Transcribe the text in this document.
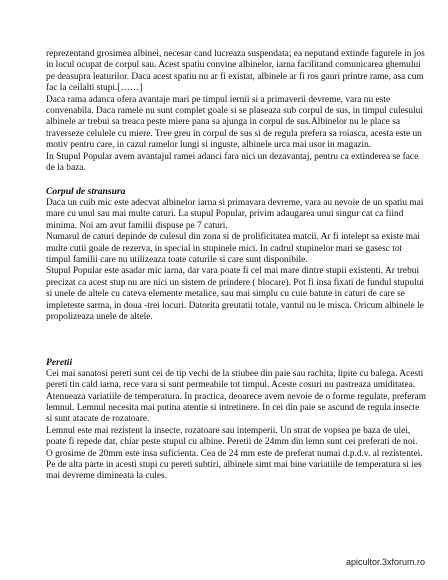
reprezentand grosimea albinei, necesar cand lucreaza suspendata; ea neputand extinde fagurele in jos in locul ocupat de corpul sau. Acest spatiu convine albinelor, iarna facilitand comunicarea ghemului pe deasupra leaturilor. Daca acest spatiu nu ar fi existat, albinele ar fi ros gauri printre rame, asa cum fac la ceilalti stupi.[……]

Daca rama adanca ofera avantaje mari pe timpul iernii si a primaverii devreme, vara nu este convenabila. Daca ramele nu sunt complet goale si se plaseaza sub corpul de sus, in timpul culesului albinele ar trebui sa treaca peste miere pana sa ajunga in corpul de sus.Albinelor nu le place sa traverseze celulele cu miere. Tree greu in corpul de sus si de regula prefera sa roiasca, acesta este un motiv pentru care, in cazul ramelor lungi si inguste, albinele urca mai usor in magazin.

In Stupul Popular avem avantajul ramei adanci fara nici un dezavantaj, pentru ca extinderea se face de la baza.

Corpul de stransura

Daca un cuib mic este adecvat albinelor iarna si primavara devreme, vara au nevoie de un spatiu mai mare cu unul sau mai multe caturi. La stupul Popular, privim adaugarea unui singur cat ca fiind minima. Noi am avut familii dispuse pe 7 caturi.

Numarul de caturi depinde de culesul din zona si de prolificitatea matcii. Ar fi intelept sa existe mai multe cutii goale de rezerva, in special in stupinele mici. In cadrul stupinelor mari se gasesc tot timpul familii care nu utilizeaza toate caturile si care sunt disponibile.

Stupul Popular este asadar mic iarna, dar vara poate fi cel mai mare dintre stupii existenti. Ar trebui precizat ca acest stup nu are nici un sistem de prindere ( blocare). Pot fi insa fixati de fundul stupului si unele de altele cu cateva elemente metalice, sau mai simplu cu cuie batute in caturi de care se impleteste sarma, in doua -trei locuri. Datorita greutatii totale, vantul nu le misca. Oricum albinele le propolizeaza unele de altele.

Peretii

Cei mai sanatosi pereti sunt cei de tip vechi de la stiubee din paie sau rachita, lipite cu balega. Acesti pereti tin cald iarna, rece vara si sunt permeabile tot timpul. Aceste cosuri nu pastreaza umiditatea. Atenueaza variatiile de temperatura. In practica, deoarece avem nevoie de o forme regulate, preferam lemnul. Lemnul necesita mai putina atentie si intretinere. In cei din paie se ascund de regula insecte si sunt atacate de rozatoare.

Lemnul este mai rezistent la insecte, rozatoare sau intemperii. Un strat de vopsea pe baza de ulei, poate fi repede dat, chiar peste stupul cu albine. Peretii de 24mm din lemn sunt cei preferati de noi.

O grosime de 20mm este insa suficienta. Cea de 24 mm este de preferat numai d.p.d.v. al rezistentei. Pe de alta parte in acesti stupi cu pereti subtiri, albinele simt mai bine variatiile de temperatura si ies mai devreme dimineata la cules.

apicultor.3xforum.ro
